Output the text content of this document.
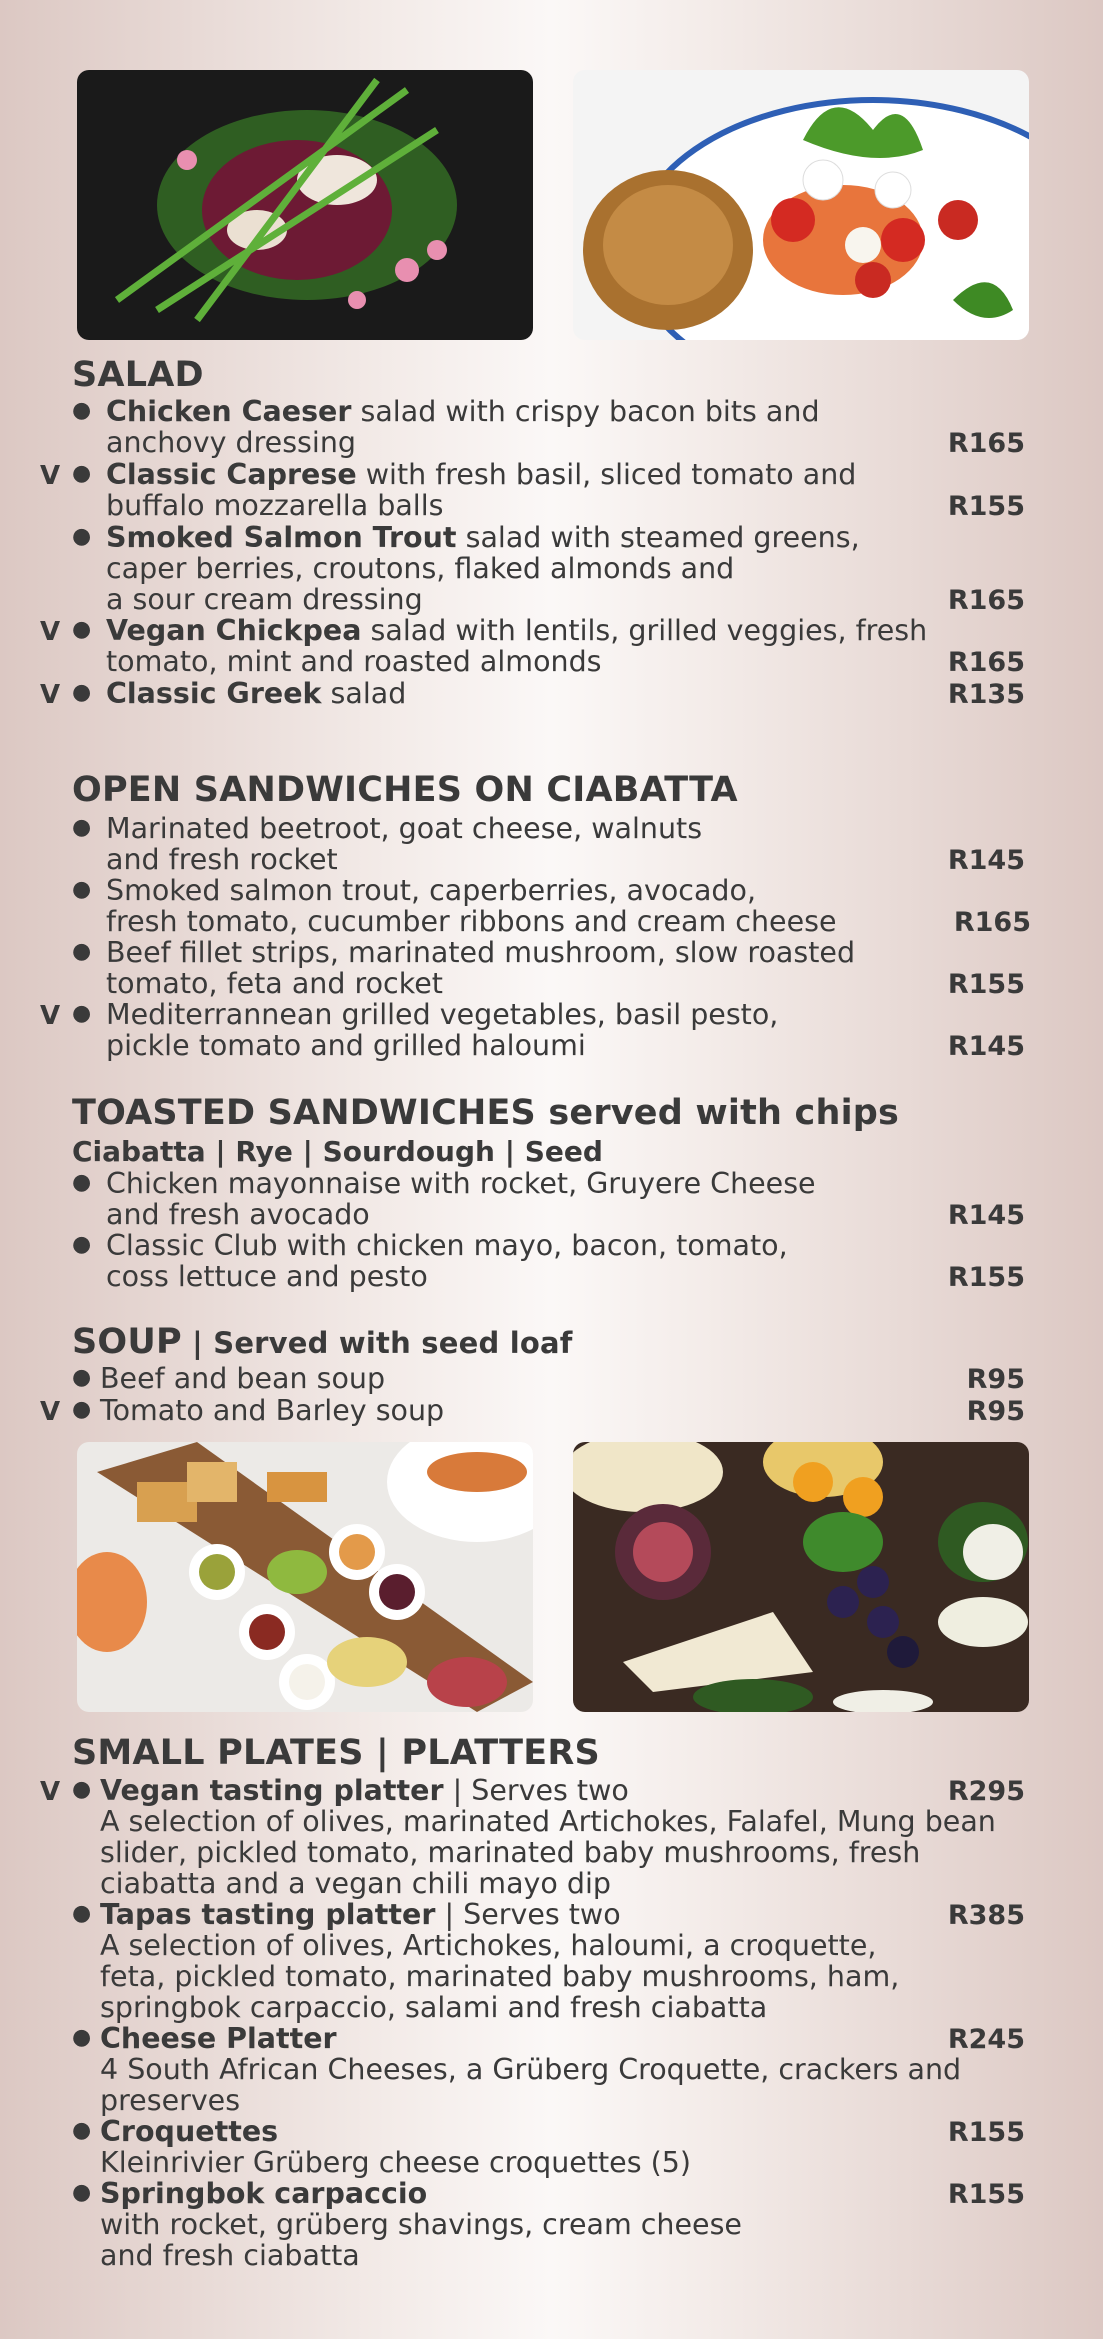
SALAD
● Chicken Caeser salad with crispy bacon bits and
anchovy dressing	R165
V ● Classic Caprese with fresh basil, sliced tomato and
buffalo mozzarella balls	R155
● Smoked Salmon Trout salad with steamed greens,
caper berries, croutons, flaked almonds and
a sour cream dressing	R165
V ● Vegan Chickpea salad with lentils, grilled veggies, fresh
tomato, mint and roasted almonds	R165
V ● Classic Greek salad	R135
OPEN SANDWICHES ON CIABATTA
● Marinated beetroot, goat cheese, walnuts
and fresh rocket	R145
● Smoked salmon trout, caperberries, avocado,
fresh tomato, cucumber ribbons and cream cheese	R165
● Beef fillet strips, marinated mushroom, slow roasted
tomato, feta and rocket	R155
V ● Mediterrannean grilled vegetables, basil pesto,
pickle tomato and grilled haloumi	R145
TOASTED SANDWICHES served with chips
Ciabatta | Rye | Sourdough | Seed
● Chicken mayonnaise with rocket, Gruyere Cheese
and fresh avocado	R145
● Classic Club with chicken mayo, bacon, tomato,
coss lettuce and pesto	R155
SOUP | Served with seed loaf
● Beef and bean soup	R95
V ● Tomato and Barley soup	R95
SMALL PLATES | PLATTERS
V ● Vegan tasting platter | Serves two	R295
A selection of olives, marinated Artichokes, Falafel, Mung bean
slider, pickled tomato, marinated baby mushrooms, fresh
ciabatta and a vegan chili mayo dip
● Tapas tasting platter | Serves two	R385
A selection of olives, Artichokes, haloumi, a croquette,
feta, pickled tomato, marinated baby mushrooms, ham,
springbok carpaccio, salami and fresh ciabatta
● Cheese Platter	R245
4 South African Cheeses, a Grüberg Croquette, crackers and
preserves
● Croquettes	R155
Kleinrivier Grüberg cheese croquettes (5)
● Springbok carpaccio	R155
with rocket, grüberg shavings, cream cheese
and fresh ciabatta
